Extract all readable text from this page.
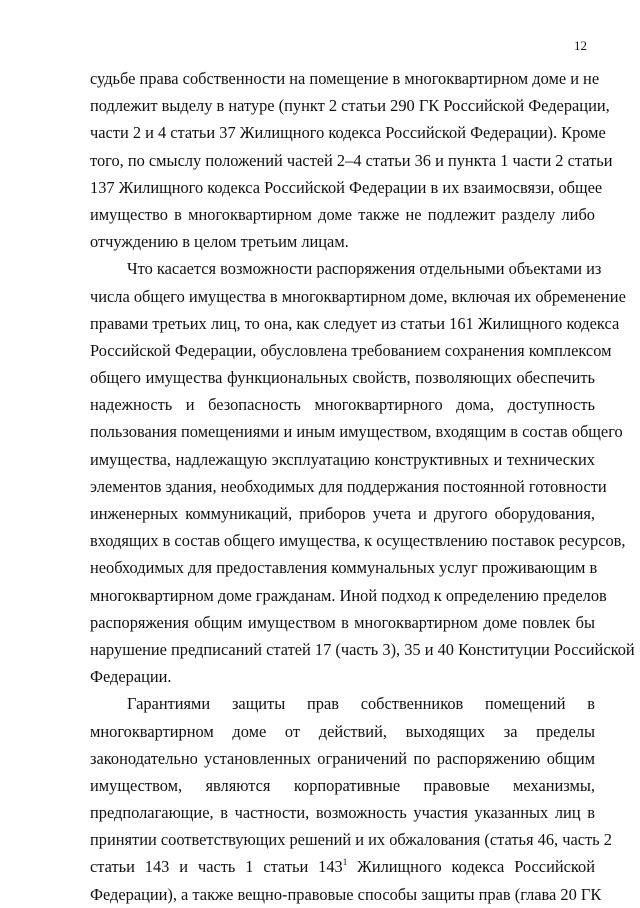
12
судьбе права собственности на помещение в многоквартирном доме и не
подлежит выделу в натуре (пункт 2 статьи 290 ГК Российской Федерации,
части 2 и 4 статьи 37 Жилищного кодекса Российской Федерации). Кроме
того, по смыслу положений частей 2–4 статьи 36 и пункта 1 части 2 статьи
137 Жилищного кодекса Российской Федерации в их взаимосвязи, общее
имущество в многоквартирном доме также не подлежит разделу либо
отчуждению в целом третьим лицам.
Что касается возможности распоряжения отдельными объектами из
числа общего имущества в многоквартирном доме, включая их обременение
правами третьих лиц, то она, как следует из статьи 161 Жилищного кодекса
Российской Федерации, обусловлена требованием сохранения комплексом
общего имущества функциональных свойств, позволяющих обеспечить
надежность и безопасность многоквартирного дома, доступность
пользования помещениями и иным имуществом, входящим в состав общего
имущества, надлежащую эксплуатацию конструктивных и технических
элементов здания, необходимых для поддержания постоянной готовности
инженерных коммуникаций, приборов учета и другого оборудования,
входящих в состав общего имущества, к осуществлению поставок ресурсов,
необходимых для предоставления коммунальных услуг проживающим в
многоквартирном доме гражданам. Иной подход к определению пределов
распоряжения общим имуществом в многоквартирном доме повлек бы
нарушение предписаний статей 17 (часть 3), 35 и 40 Конституции Российской
Федерации.
Гарантиями защиты прав собственников помещений в
многоквартирном доме от действий, выходящих за пределы
законодательно установленных ограничений по распоряжению общим
имуществом, являются корпоративные правовые механизмы,
предполагающие, в частности, возможность участия указанных лиц в
принятии соответствующих решений и их обжалования (статья 46, часть 2
статьи 143 и часть 1 статьи $143^1$ Жилищного кодекса Российской
Федерации), а также вещно-правовые способы защиты прав (глава 20 ГК
